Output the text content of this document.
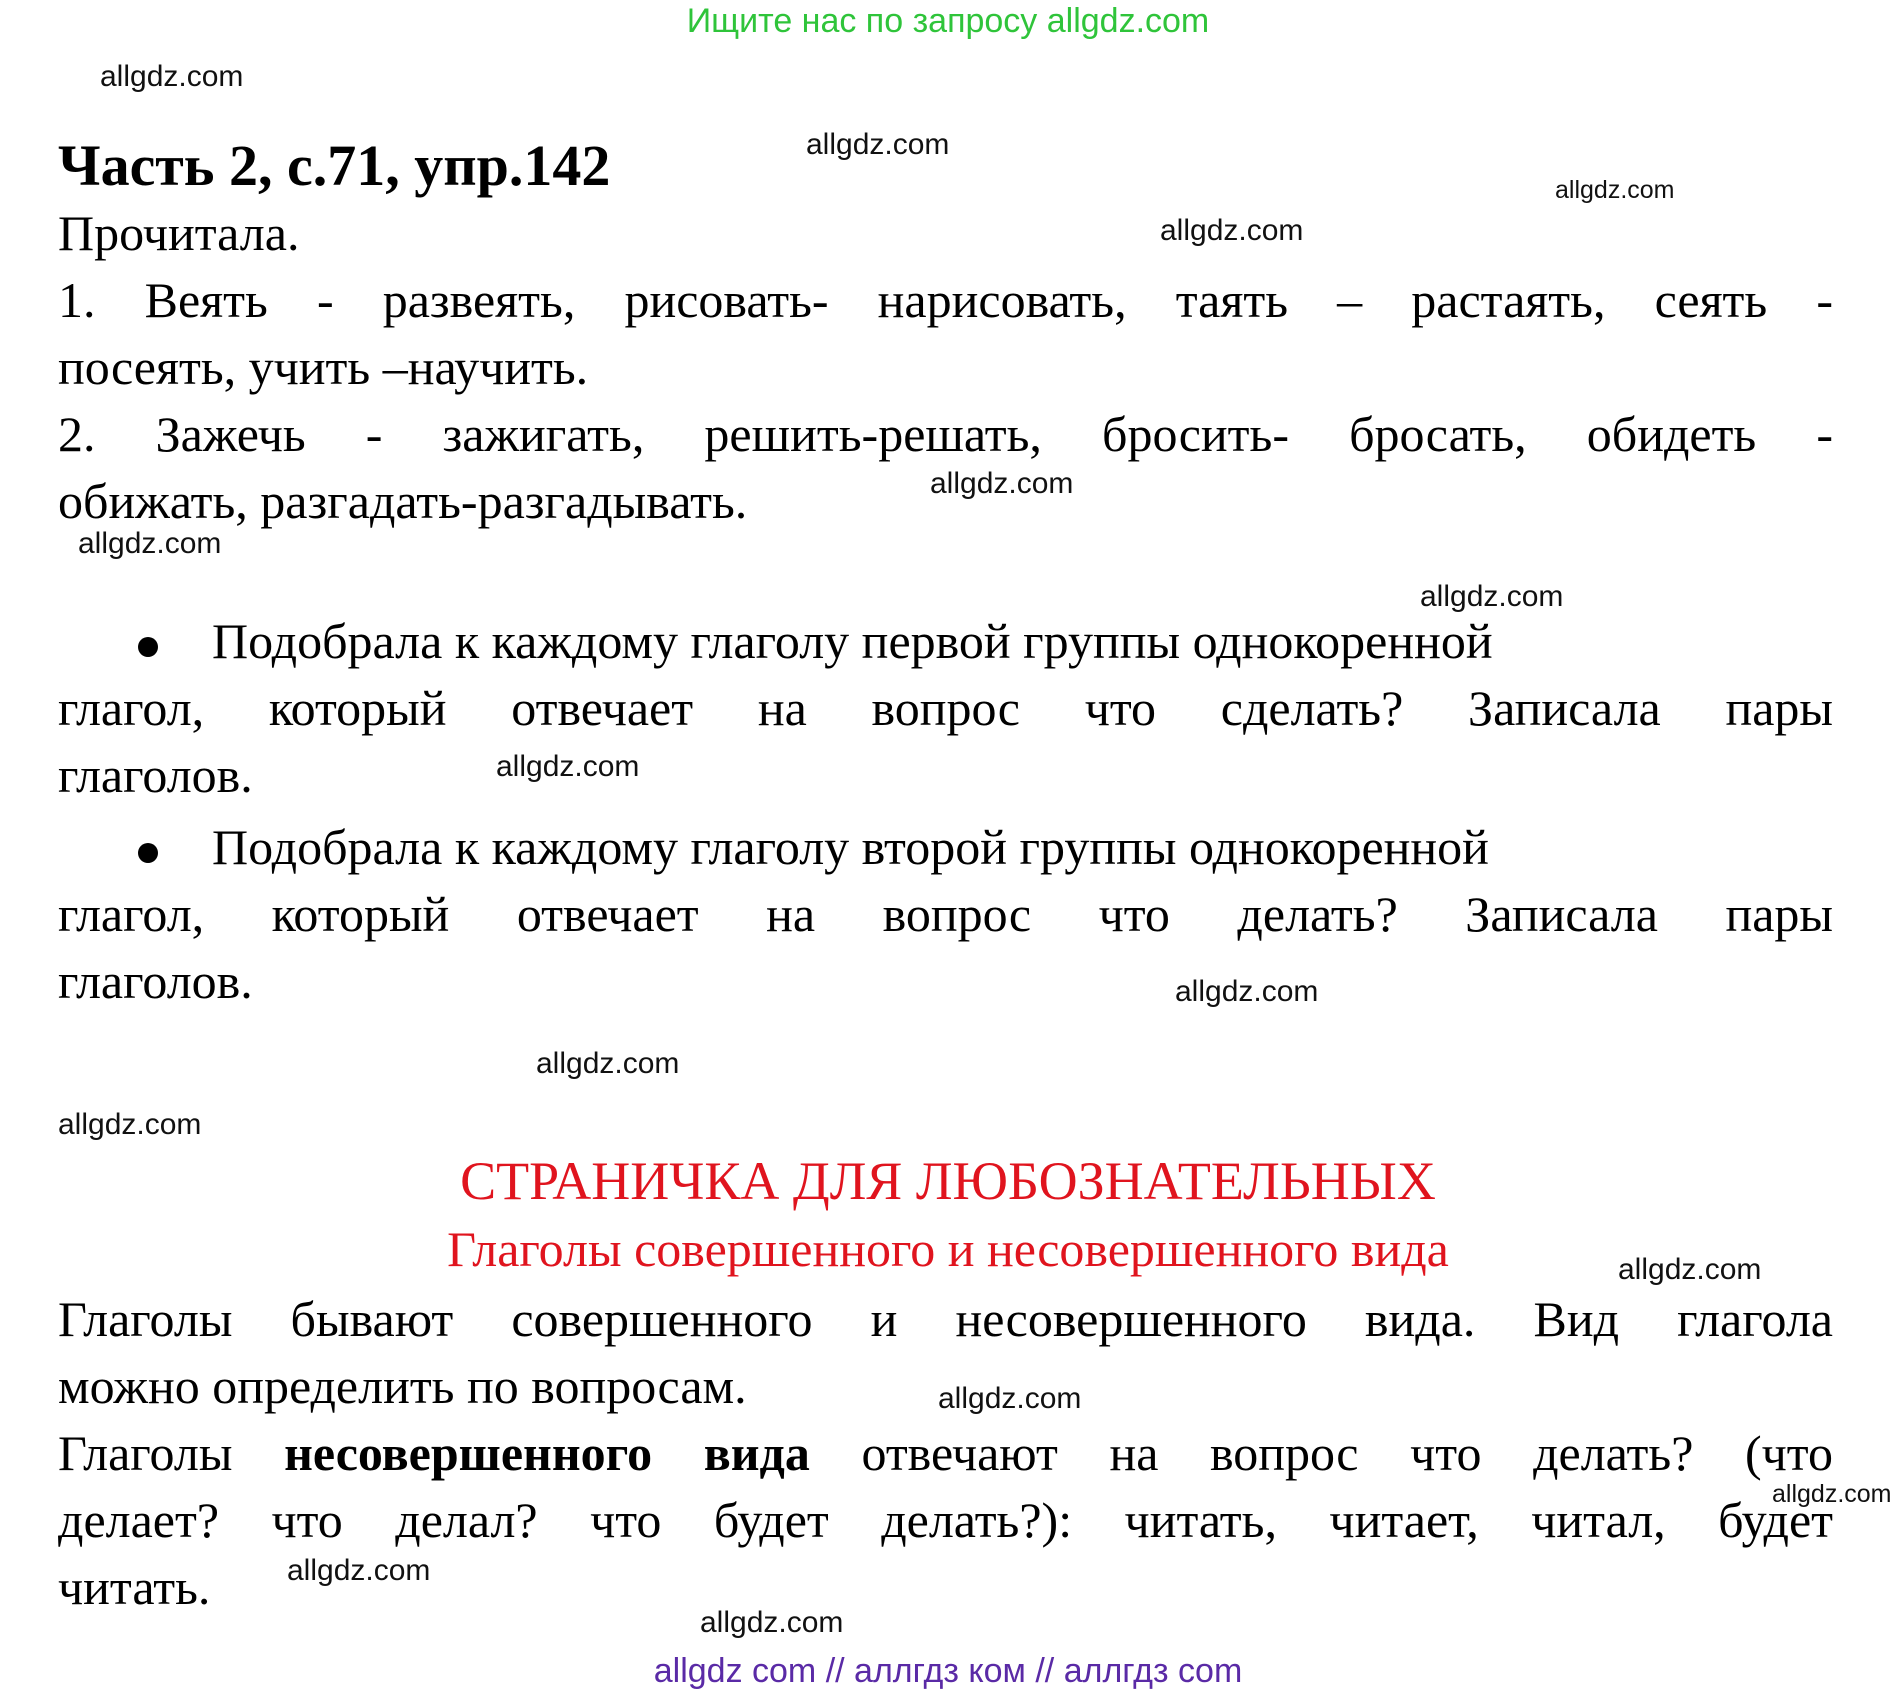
Ищите нас по запросу allgdz.com
allgdz.com
allgdz.com
allgdz.com
allgdz.com
allgdz.com
allgdz.com
allgdz.com
allgdz.com
allgdz.com
allgdz.com
allgdz.com
allgdz.com
allgdz.com
allgdz.com
allgdz.com
allgdz.com
Часть 2, с.71, упр.142
Прочитала.
1. Веять - развеять, рисовать- нарисовать, таять – растаять, сеять -
посеять, учить –научить.
2. Зажечь - зажигать, решить-решать, бросить- бросать, обидеть -
обижать, разгадать-разгадывать.
Подобрала к каждому глаголу первой группы однокоренной
глагол, который отвечает на вопрос что сделать? Записала пары
глаголов.
Подобрала к каждому глаголу второй группы однокоренной
глагол, который отвечает на вопрос что делать? Записала пары
глаголов.
СТРАНИЧКА ДЛЯ ЛЮБОЗНАТЕЛЬНЫХ
Глаголы совершенного и несовершенного вида
Глаголы бывают совершенного и несовершенного вида. Вид глагола
можно определить по вопросам.
Глаголы несовершенного вида отвечают на вопрос что делать? (что
делает? что делал? что будет делать?): читать, читает, читал, будет
читать.
allgdz com // аллгдз ком // аллгдз com
